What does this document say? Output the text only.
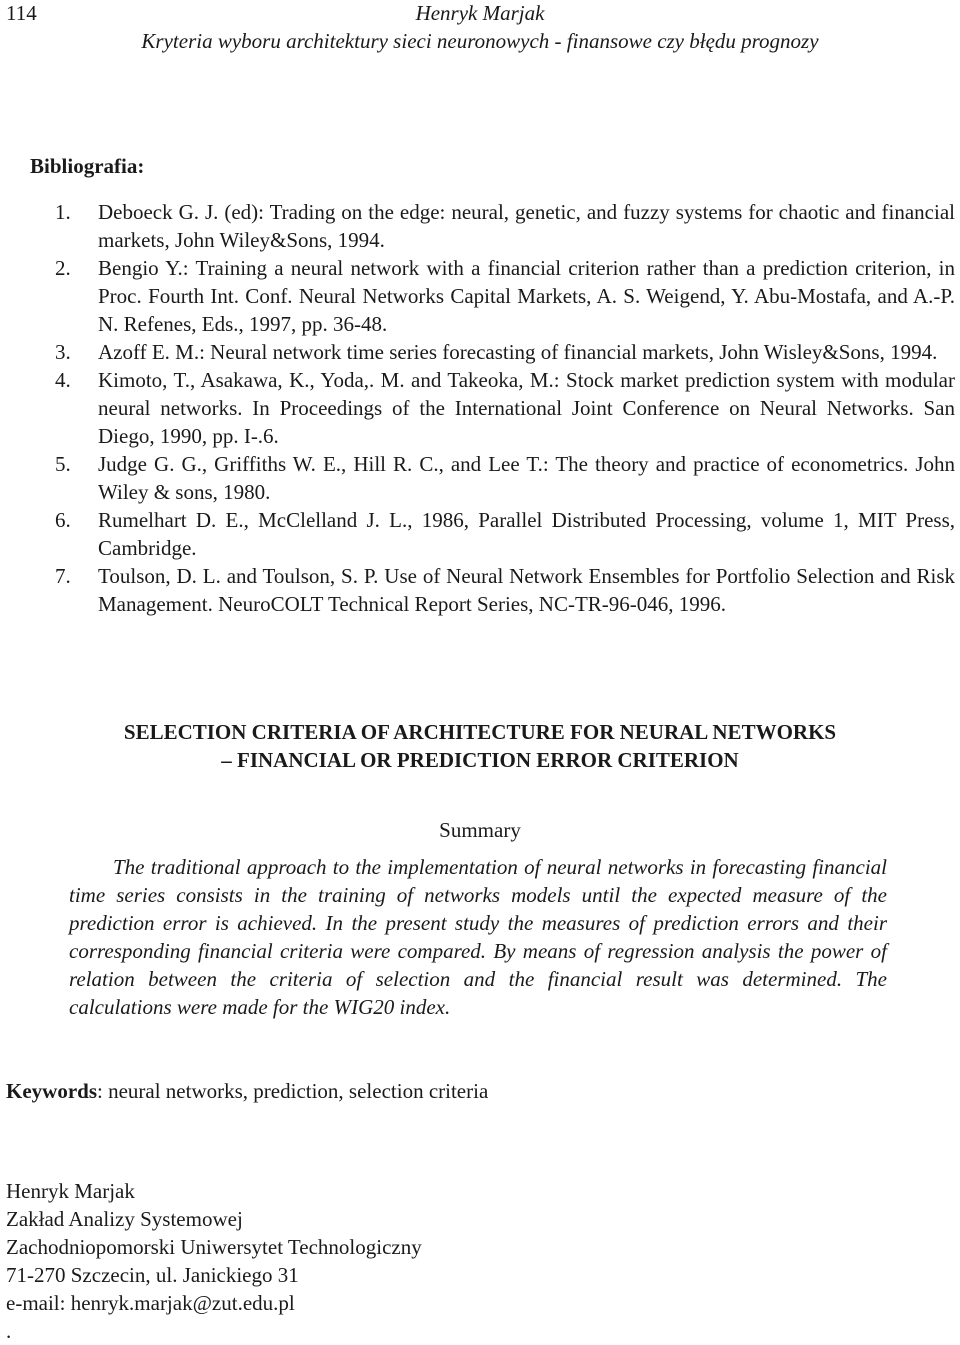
114	Henryk Marjak
Kryteria wyboru architektury sieci neuronowych - finansowe czy błędu prognozy
Bibliografia:
1.	Deboeck G. J. (ed): Trading on the edge: neural, genetic, and fuzzy systems for chaotic and financial markets, John Wiley&Sons, 1994.
2.	Bengio Y.: Training a neural network with a financial criterion rather than a prediction criterion, in Proc. Fourth Int. Conf. Neural Networks Capital Markets, A. S. Weigend, Y. Abu-Mostafa, and A.-P. N. Refenes, Eds., 1997, pp. 36-48.
3.	Azoff E. M.: Neural network time series forecasting of financial markets, John Wisley&Sons, 1994.
4.	Kimoto, T., Asakawa, K., Yoda,. M. and Takeoka, M.: Stock market prediction system with modular neural networks. In Proceedings of the International Joint Conference on Neural Networks. San Diego, 1990, pp. I-.6.
5.	Judge G. G., Griffiths W. E., Hill R. C., and Lee T.: The theory and practice of econometrics. John Wiley & sons, 1980.
6.	Rumelhart D. E., McClelland J. L., 1986, Parallel Distributed Processing, volume 1, MIT Press, Cambridge.
7.	Toulson, D. L. and Toulson, S. P. Use of Neural Network Ensembles for Portfolio Selection and Risk Management. NeuroCOLT Technical Report Series, NC-TR-96-046, 1996.
SELECTION CRITERIA OF ARCHITECTURE FOR NEURAL NETWORKS
– FINANCIAL OR PREDICTION ERROR CRITERION
Summary

The traditional approach to the implementation of neural networks in forecasting financial time series consists in the training of networks models until the expected measure of the prediction error is achieved. In the present study the measures of prediction errors and their corresponding financial criteria were compared. By means of regression analysis the power of relation between the criteria of selection and the financial result was determined. The calculations were made for the WIG20 index.

Keywords: neural networks, prediction, selection criteria
Henryk Marjak
Zakład Analizy Systemowej
Zachodniopomorski Uniwersytet Technologiczny
71-270 Szczecin, ul. Janickiego 31
e-mail: henryk.marjak@zut.edu.pl
.
